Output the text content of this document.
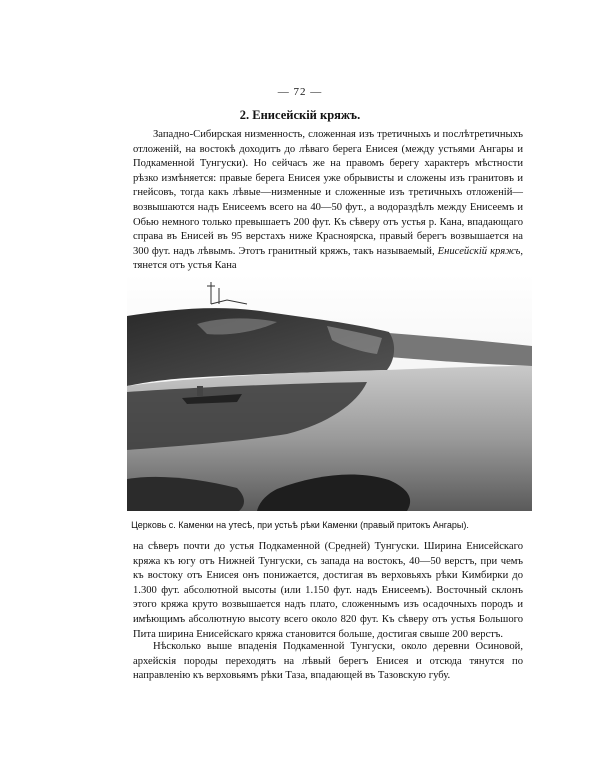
— 72 —
2. Енисейскій кряжъ.

Западно-Сибирская низменность, сложенная изъ третичныхъ и послѣтретичныхъ отложеній, на востокѣ доходитъ до лѣваго берега Енисея (между устьями Ангары и Подкаменной Тунгуски). Но сейчасъ же на правомъ берегу характеръ мѣстности рѣзко измѣняется: правые берега Енисея уже обрывисты и сложены изъ гранитовъ и гнейсовъ, тогда какъ лѣвые—низменные и сложенные изъ третичныхъ отложеній—возвышаются надъ Енисеемъ всего на 40—50 фут., а водораздѣлъ между Енисеемъ и Обью немного только превышаетъ 200 фут. Къ сѣверу отъ устья р. Кана, впадающаго справа въ Енисей въ 95 верстахъ ниже Красноярска, правый берегъ возвышается на 300 фут. надъ лѣвымъ. Этотъ гранитный кряжъ, такъ называемый, Енисейскій кряжъ, тянется отъ устья Кана

Церковь с. Каменки на утесѣ, при устьѣ рѣки Каменки (правый притокъ Ангары).

на сѣверъ почти до устья Подкаменной (Средней) Тунгуски. Ширина Енисейскаго кряжа къ югу отъ Нижней Тунгуски, съ запада на востокъ, 40—50 верстъ, при чемъ къ востоку отъ Енисея онъ понижается, достигая въ верховьяхъ рѣки Кимбирки до 1.300 фут. абсолютной высоты (или 1.150 фут. надъ Енисеемъ). Восточный склонъ этого кряжа круто возвышается надъ плато, сложеннымъ изъ осадочныхъ породъ и имѣющимъ абсолютную высоту всего около 820 фут. Къ сѣверу отъ устья Большого Пита ширина Енисейскаго кряжа становится больше, достигая свыше 200 верстъ.

Нѣсколько выше впаденія Подкаменной Тунгуски, около деревни Осиновой, архейскія породы переходятъ на лѣвый берегъ Енисея и отсюда тянутся по направленію къ верховьямъ рѣки Таза, впадающей въ Тазовскую губу.
